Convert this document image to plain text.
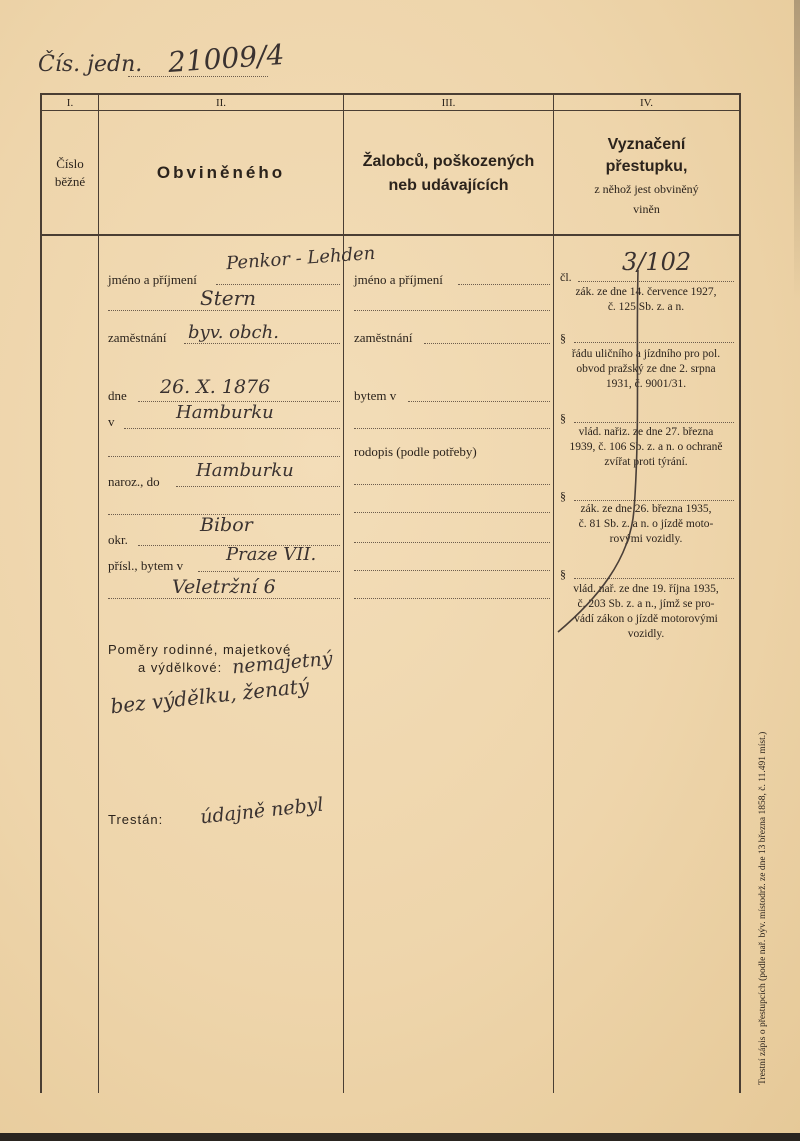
Čís. jedn. 21009/4
I.	II.	III.	IV.
Číslo
běžné	Obviněného
Žalobců, poškozených
neb udávajících
Vyznačení
přestupku,
z něhož jest obviněný
viněn
jméno a příjmení
Penkor - Lehden
Stern
zaměstnání byv. obch.
dne 26. X. 1876
v	Hamburku
naroz., do
Hamburku
okr.
Bibor
přísl., bytem v
Praze VII.
Veletržní 6
Poměry rodinné, majetkové
a výdělkové: nemajetný
bez výdělku, ženatý
Trestán: údajně nebyl
jméno a příjmení
zaměstnání
bytem v
rodopis (podle potřeby)
čl.
3/102
zák. ze dne 14. července 1927,
č. 125 Sb. z. a n.
§
řádu uličního a jízdního pro pol.
obvod pražský ze dne 2. srpna
1931, č. 9001/31.
§
vlád. nařiz. ze dne 27. března
1939, č. 106 Sb. z. a n. o ochraně
zvířat proti týrání.
§
zák. ze dne 26. března 1935,
č. 81 Sb. z. a n. o jízdě moto-
rovými vozidly.
§
vlád. nař. ze dne 19. října 1935,
č. 203 Sb. z. a n., jímž se pro-
vádí zákon o jízdě motorovými
vozidly.
Trestní zápis o přestupcích (podle nař. býv. místodrž. ze dne 13 března 1858, č. 11.491 míst.)
